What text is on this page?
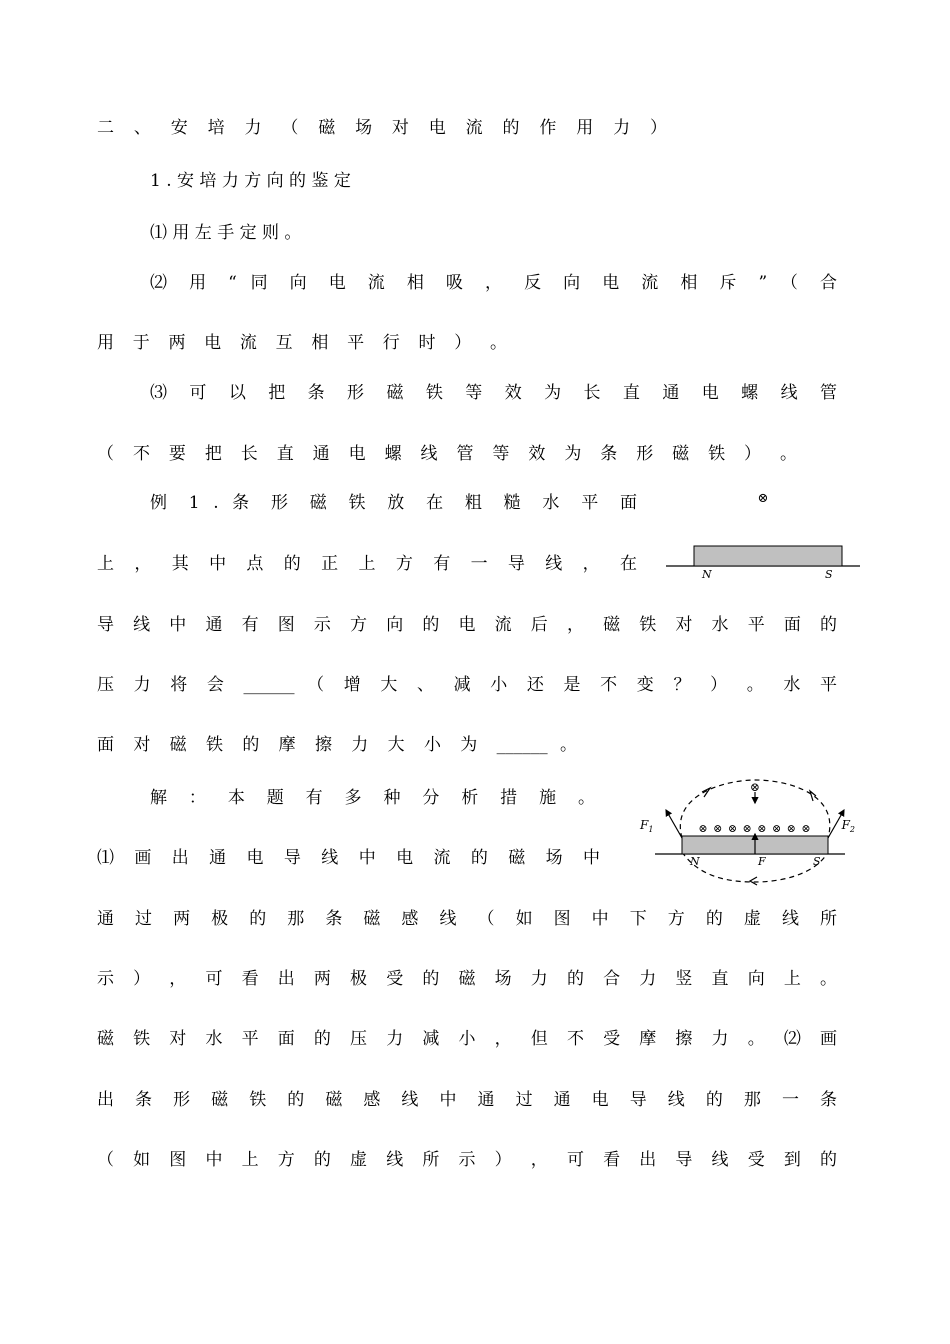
二 、 安 培 力 （ 磁 场 对 电 流 的 作 用 力 ）
1 . 安 培 力 方 向 的 鉴 定
⑴ 用 左 手 定 则 。
⑵ 用 “ 同 向 电 流 相 吸 ， 反 向 电 流 相 斥 ” （ 合
用 于 两 电 流 互 相 平 行 时 ） 。
⑶ 可 以 把 条 形 磁 铁 等 效 为 长 直 通 电 螺 线 管
（ 不 要 把 长 直 通 电 螺 线 管 等 效 为 条 形 磁 铁 ） 。
例 1 . 条 形 磁 铁 放 在 粗 糙 水 平 面
上 ， 其 中 点 的 正 上 方 有 一 导 线 ， 在
导 线 中 通 有 图 示 方 向 的 电 流 后 ， 磁 铁 对 水 平 面 的
压 力 将 会 ______ （ 增 大 、 减 小 还 是 不 变 ？ ） 。 水 平
面 对 磁 铁 的 摩 擦 力 大 小 为 ______ 。
解 ： 本 题 有 多 种 分 析 措 施 。
⑴ 画 出 通 电 导 线 中 电 流 的 磁 场 中
通 过 两 极 的 那 条 磁 感 线 （ 如 图 中 下 方 的 虚 线 所
示 ） ， 可 看 出 两 极 受 的 磁 场 力 的 合 力 竖 直 向 上 。
磁 铁 对 水 平 面 的 压 力 减 小 ， 但 不 受 摩 擦 力 。 ⑵ 画
出 条 形 磁 铁 的 磁 感 线 中 通 过 通 电 导 线 的 那 一 条
（ 如 图 中 上 方 的 虚 线 所 示 ） ， 可 看 出 导 线 受 到 的
⊗
N	S
⊗
⊗ ⊗ ⊗ ⊗ ⊗ ⊗ ⊗ ⊗
$F_1$	$F_2$
N	F	S
